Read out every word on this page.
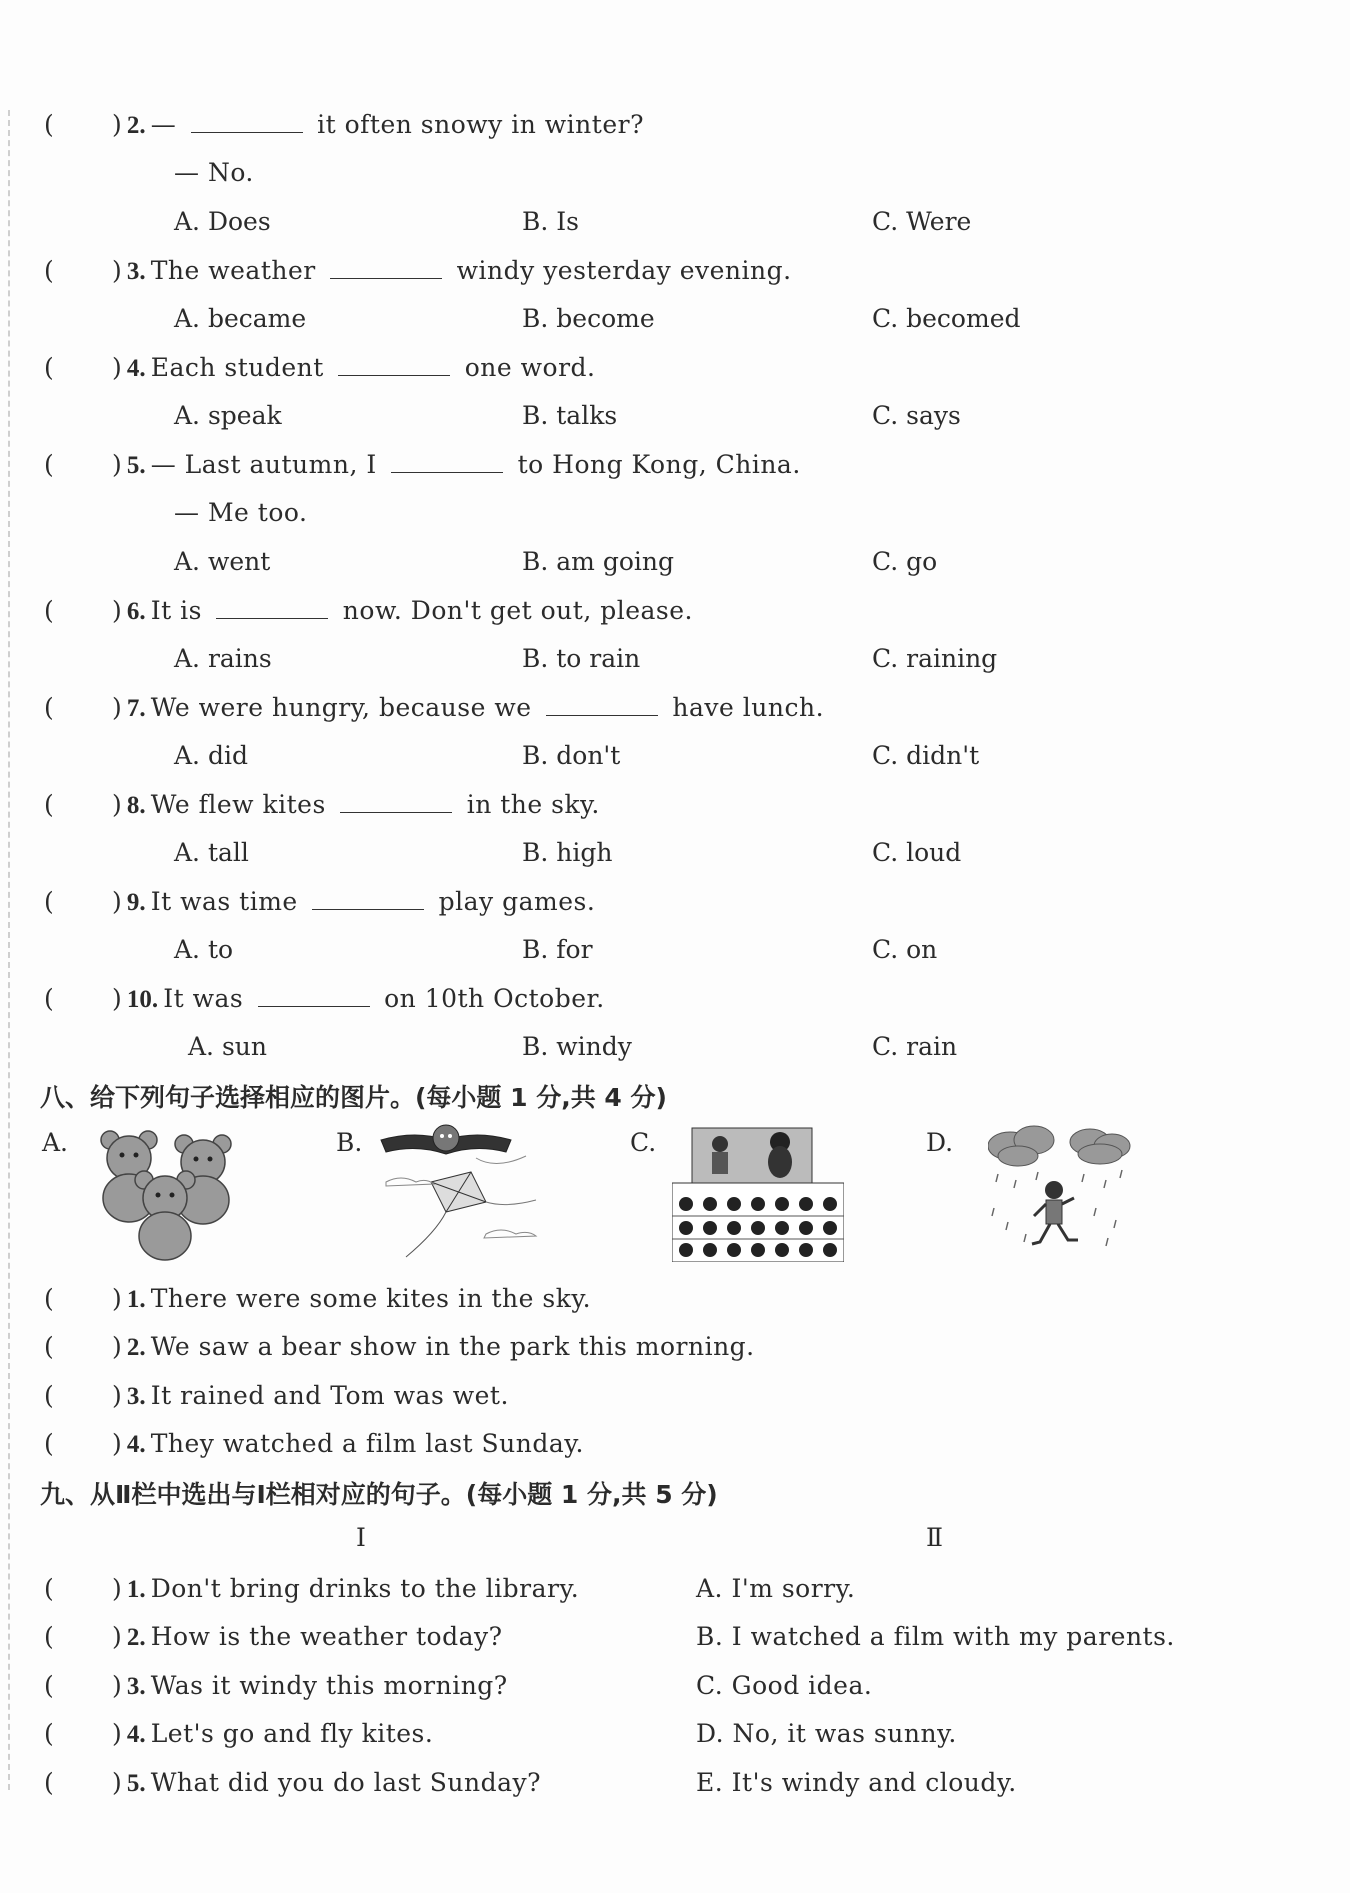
( ) 2. —	it often snowy in winter?
— No.
A. Does	B. Is	C. Were
( ) 3. The weather	windy yesterday evening.
A. became	B. become	C. becomed
( ) 4. Each student	one word.
A. speak	B. talks	C. says
( ) 5. — Last autumn, I	to Hong Kong, China.
— Me too.
A. went	B. am going	C. go
( ) 6. It is	now. Don't get out, please.
A. rains	B. to rain	C. raining
( ) 7. We were hungry, because we	have lunch.
A. did	B. don't	C. didn't
( ) 8. We flew kites	in the sky.
A. tall	B. high	C. loud
( ) 9. It was time	play games.
A. to	B. for	C. on
( ) 10. It was	on 10th October.
A. sun	B. windy	C. rain
八、给下列句子选择相应的图片。(每小题 1 分,共 4 分)
A.	B.	C.	D.
( ) 1. There were some kites in the sky.
( ) 2. We saw a bear show in the park this morning.
( ) 3. It rained and Tom was wet.
( ) 4. They watched a film last Sunday.
九、从Ⅱ栏中选出与Ⅰ栏相对应的句子。(每小题 1 分,共 5 分)
Ⅰ	Ⅱ
( ) 1. Don't bring drinks to the library.	A. I'm sorry.
( ) 2. How is the weather today?	B. I watched a film with my parents.
( ) 3. Was it windy this morning?	C. Good idea.
( ) 4. Let's go and fly kites.	D. No, it was sunny.
( ) 5. What did you do last Sunday?	E. It's windy and cloudy.
